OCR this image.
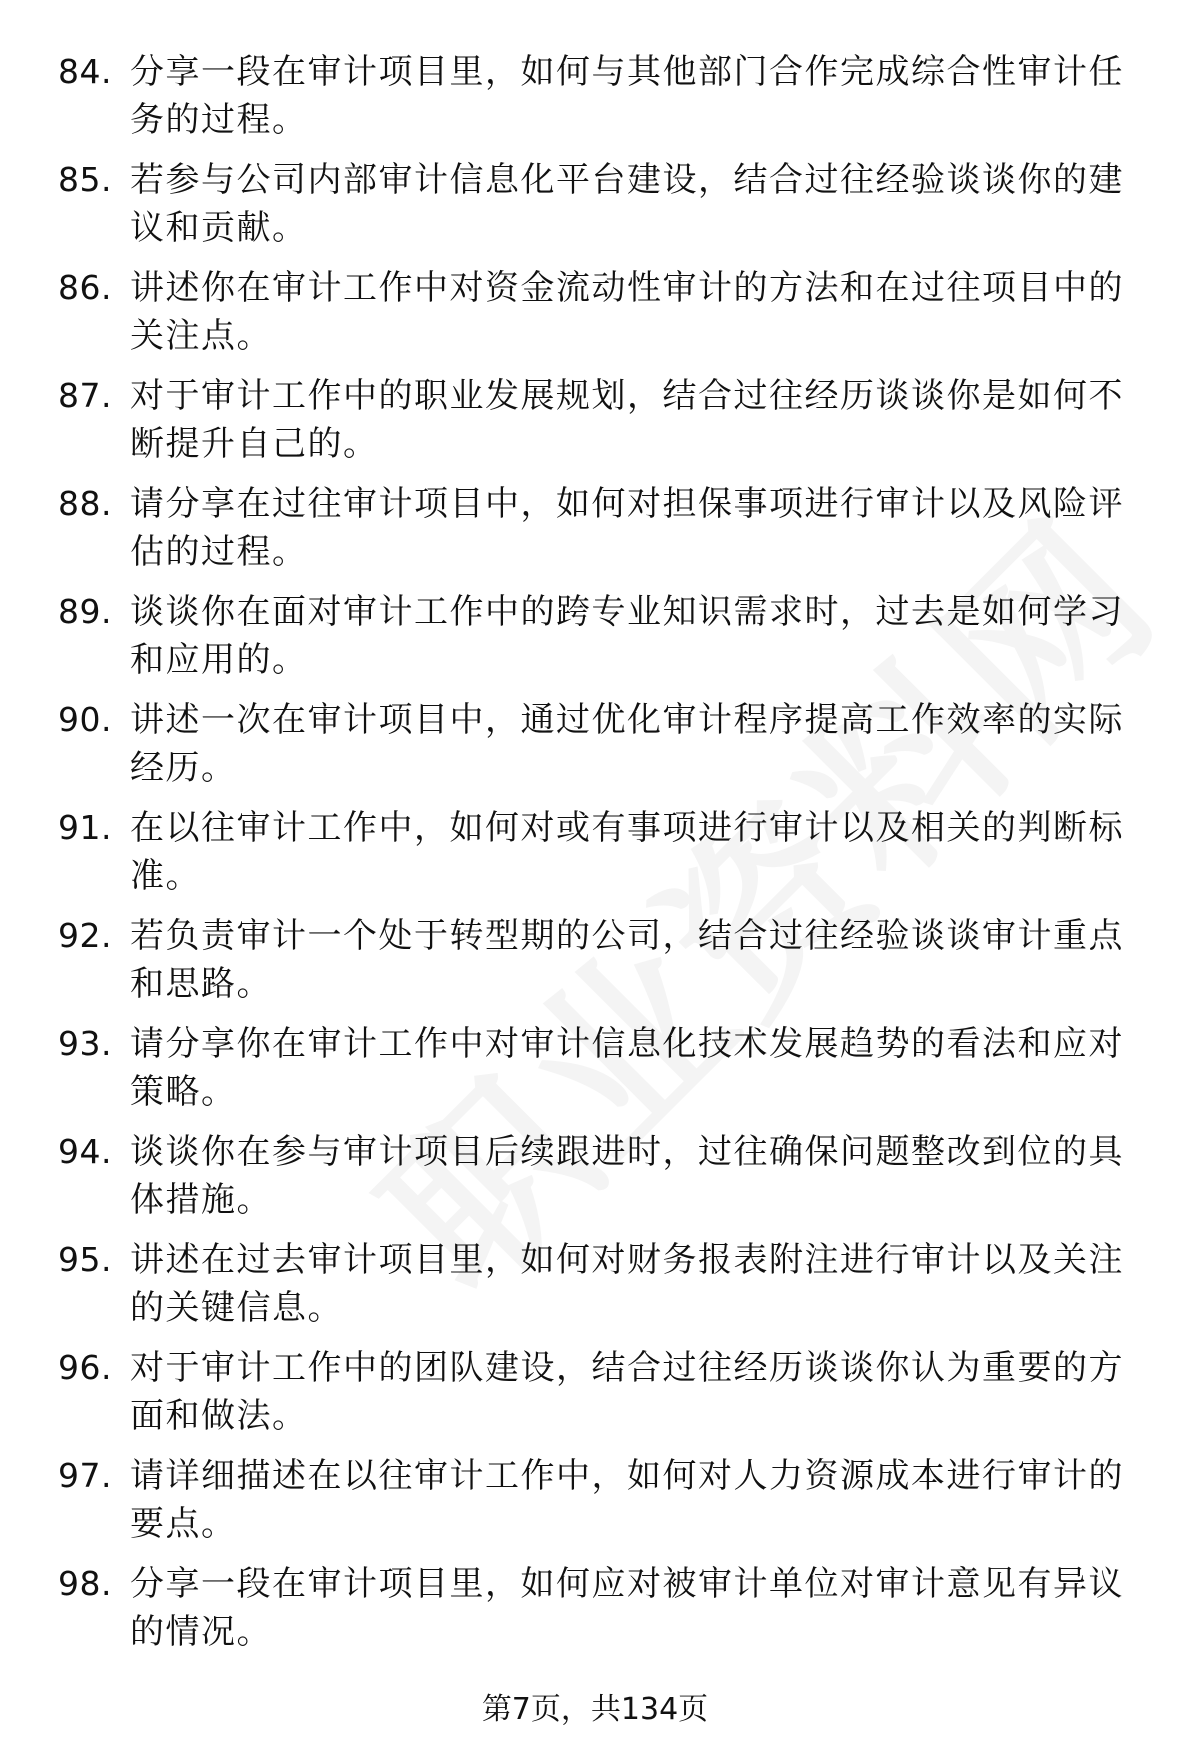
84. 分享一段在审计项目里，如何与其他部门合作完成综合性审计任务的过程。
85. 若参与公司内部审计信息化平台建设，结合过往经验谈谈你的建议和贡献。
86. 讲述你在审计工作中对资金流动性审计的方法和在过往项目中的关注点。
87. 对于审计工作中的职业发展规划，结合过往经历谈谈你是如何不断提升自己的。
88. 请分享在过往审计项目中，如何对担保事项进行审计以及风险评估的过程。
89. 谈谈你在面对审计工作中的跨专业知识需求时，过去是如何学习和应用的。
90. 讲述一次在审计项目中，通过优化审计程序提高工作效率的实际经历。
91. 在以往审计工作中，如何对或有事项进行审计以及相关的判断标准。
92. 若负责审计一个处于转型期的公司，结合过往经验谈谈审计重点和思路。
93. 请分享你在审计工作中对审计信息化技术发展趋势的看法和应对策略。
94. 谈谈你在参与审计项目后续跟进时，过往确保问题整改到位的具体措施。
95. 讲述在过去审计项目里，如何对财务报表附注进行审计以及关注的关键信息。
96. 对于审计工作中的团队建设，结合过往经历谈谈你认为重要的方面和做法。
97. 请详细描述在以往审计工作中，如何对人力资源成本进行审计的要点。
98. 分享一段在审计项目里，如何应对被审计单位对审计意见有异议的情况。
第7页，共134页
